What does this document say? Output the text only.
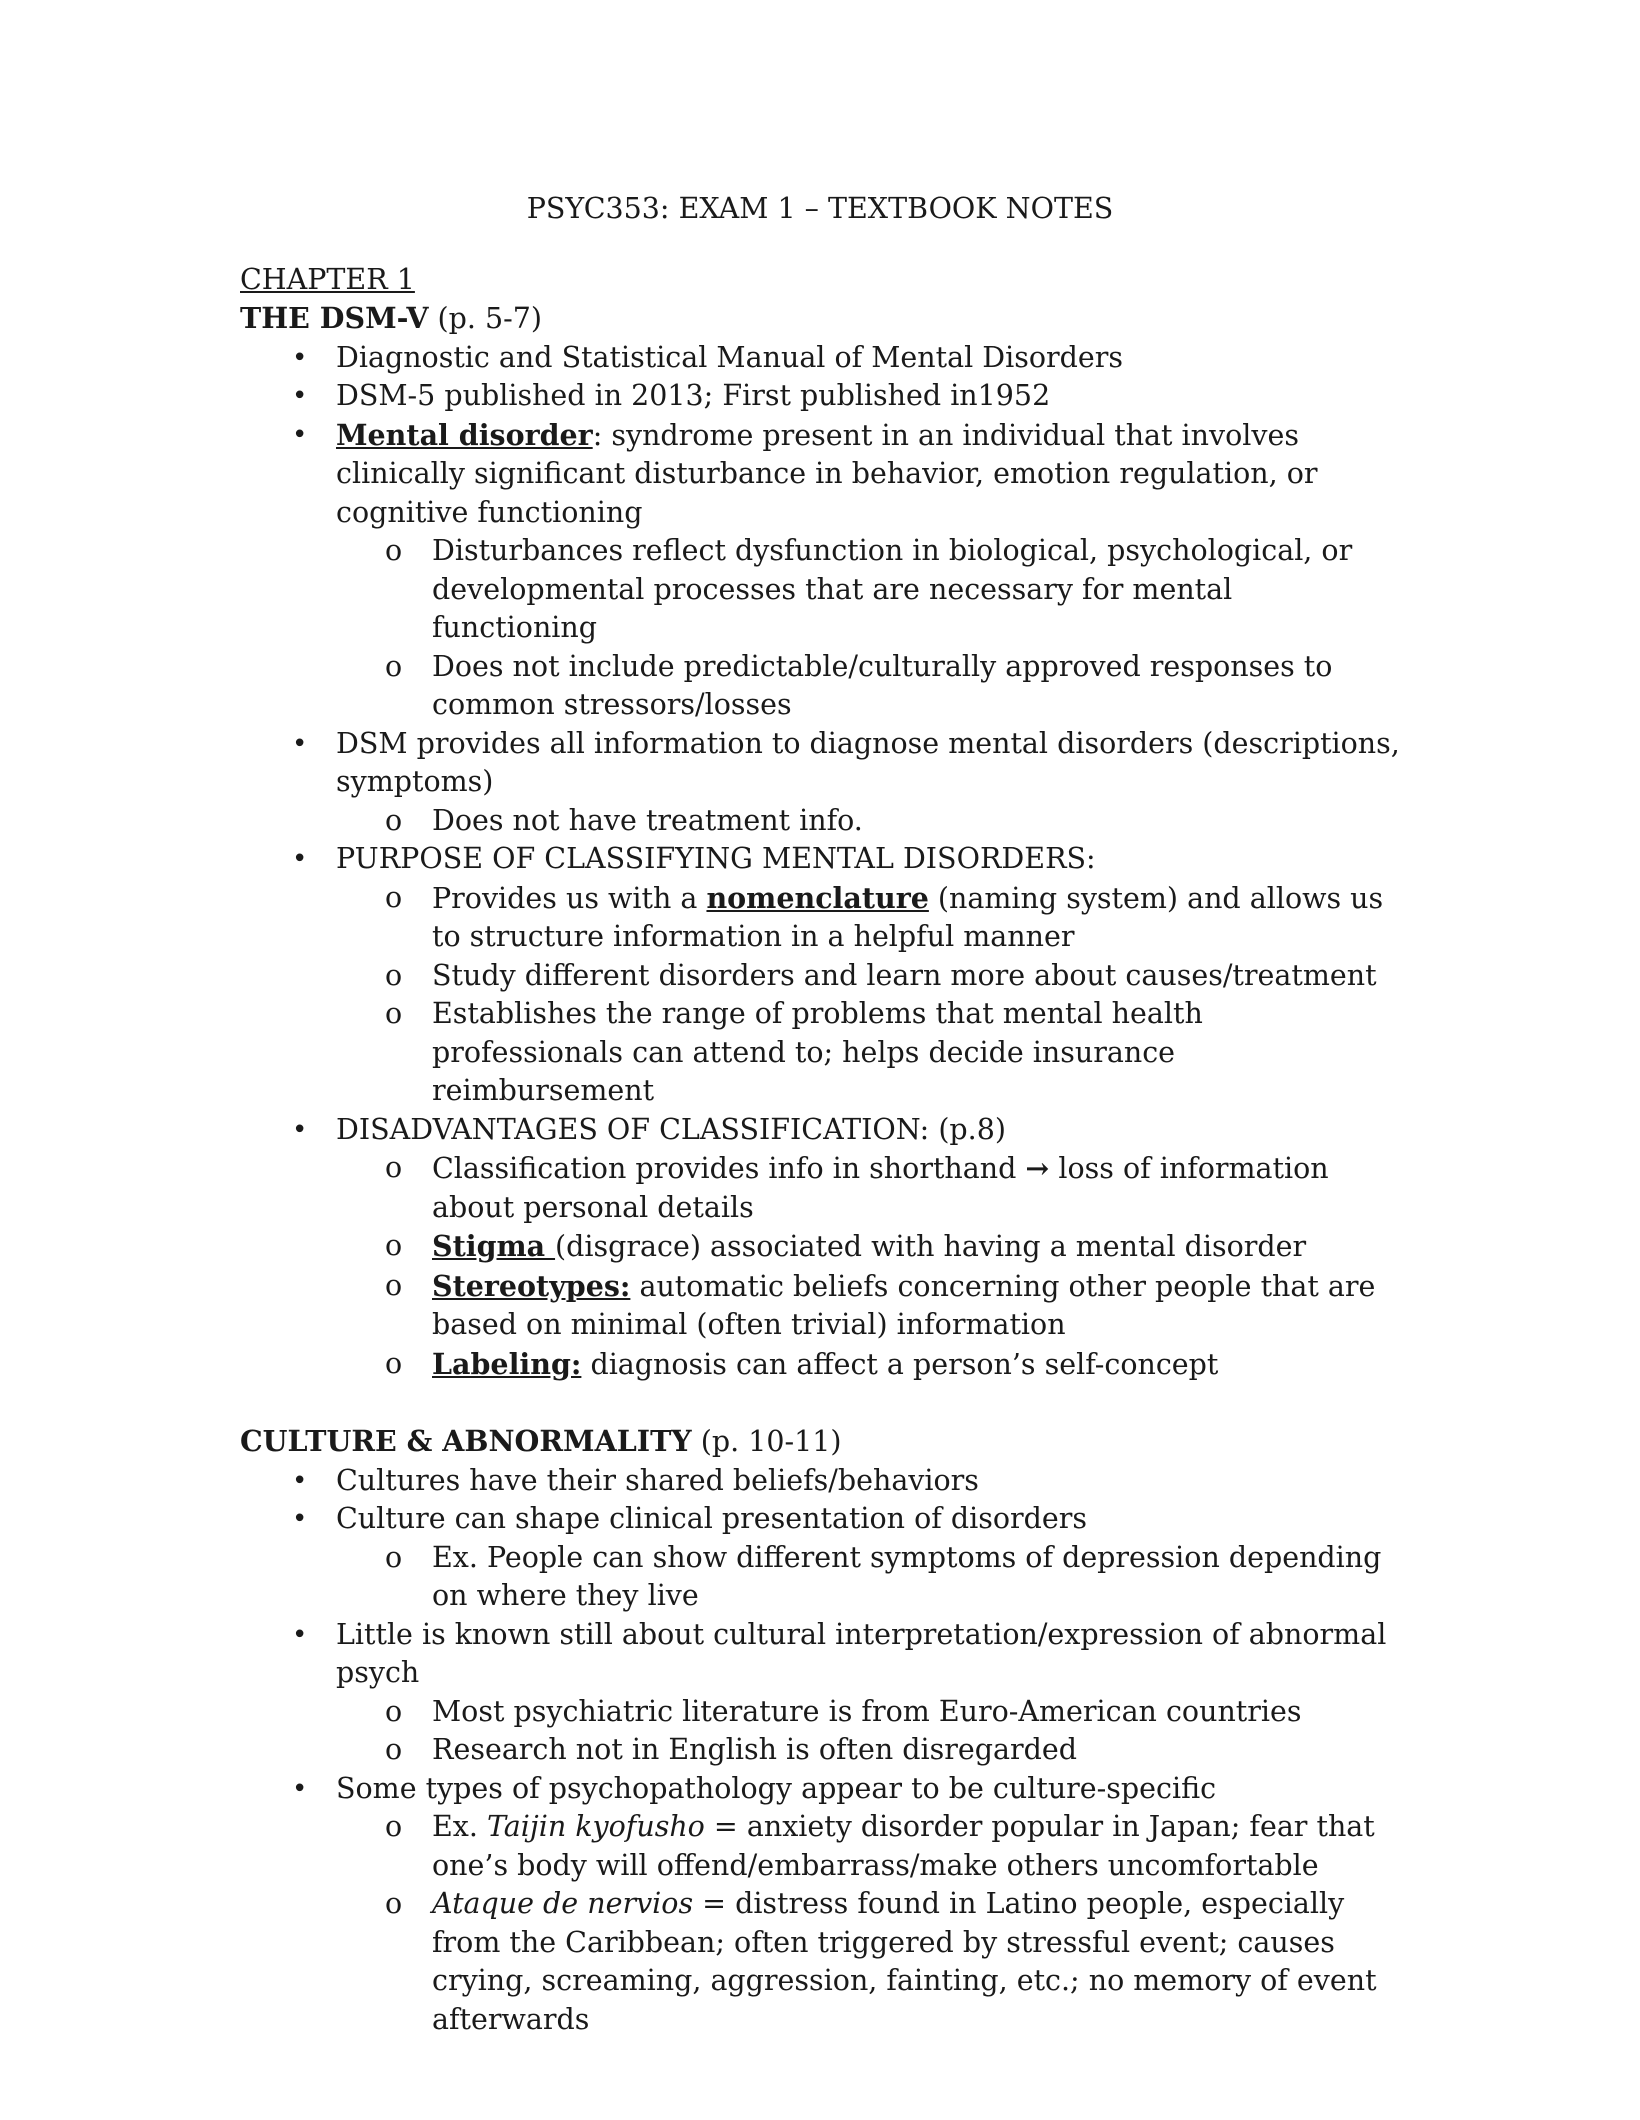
PSYC353: EXAM 1 – TEXTBOOK NOTES
CHAPTER 1
THE DSM-V (p. 5-7)
• Diagnostic and Statistical Manual of Mental Disorders
• DSM-5 published in 2013; First published in1952
• Mental disorder: syndrome present in an individual that involves clinically significant disturbance in behavior, emotion regulation, or cognitive functioning
o Disturbances reflect dysfunction in biological, psychological, or developmental processes that are necessary for mental functioning
o Does not include predictable/culturally approved responses to common stressors/losses
• DSM provides all information to diagnose mental disorders (descriptions, symptoms)
o Does not have treatment info.
• PURPOSE OF CLASSIFYING MENTAL DISORDERS:
o Provides us with a nomenclature (naming system) and allows us to structure information in a helpful manner
o Study different disorders and learn more about causes/treatment
o Establishes the range of problems that mental health professionals can attend to; helps decide insurance reimbursement
• DISADVANTAGES OF CLASSIFICATION: (p.8)
o Classification provides info in shorthand → loss of information about personal details
o Stigma (disgrace) associated with having a mental disorder
o Stereotypes: automatic beliefs concerning other people that are based on minimal (often trivial) information
o Labeling: diagnosis can affect a person’s self-concept
CULTURE & ABNORMALITY (p. 10-11)
• Cultures have their shared beliefs/behaviors
• Culture can shape clinical presentation of disorders
o Ex. People can show different symptoms of depression depending on where they live
• Little is known still about cultural interpretation/expression of abnormal psych
o Most psychiatric literature is from Euro-American countries
o Research not in English is often disregarded
• Some types of psychopathology appear to be culture-specific
o Ex. Taijin kyofusho = anxiety disorder popular in Japan; fear that one’s body will offend/embarrass/make others uncomfortable
o Ataque de nervios = distress found in Latino people, especially from the Caribbean; often triggered by stressful event; causes crying, screaming, aggression, fainting, etc.; no memory of event afterwards
